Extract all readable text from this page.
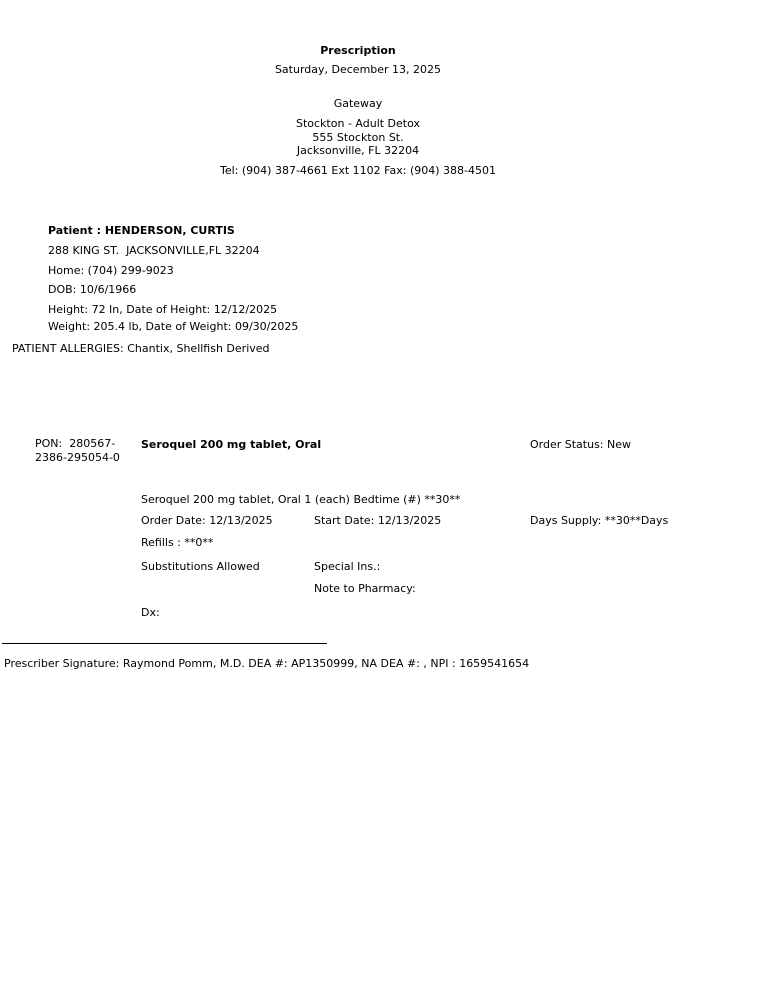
Prescription
Saturday, December 13, 2025
Gateway
Stockton - Adult Detox
555 Stockton St.
Jacksonville, FL 32204
Tel: (904) 387-4661 Ext 1102 Fax: (904) 388-4501
Patient : HENDERSON, CURTIS
288 KING ST.  JACKSONVILLE,FL 32204
Home: (704) 299-9023
DOB: 10/6/1966
Height: 72 In, Date of Height: 12/12/2025
Weight: 205.4 lb, Date of Weight: 09/30/2025
PATIENT ALLERGIES: Chantix, Shellfish Derived
PON:  280567-
2386-295054-0
Seroquel 200 mg tablet, Oral	Order Status: New
Seroquel 200 mg tablet, Oral 1 (each) Bedtime (#) **30**
Order Date: 12/13/2025	Start Date: 12/13/2025	Days Supply: **30**Days
Refills : **0**
Substitutions Allowed	Special Ins.:
Note to Pharmacy:
Dx:
Prescriber Signature: Raymond Pomm, M.D. DEA #: AP1350999, NA DEA #: , NPI : 1659541654
